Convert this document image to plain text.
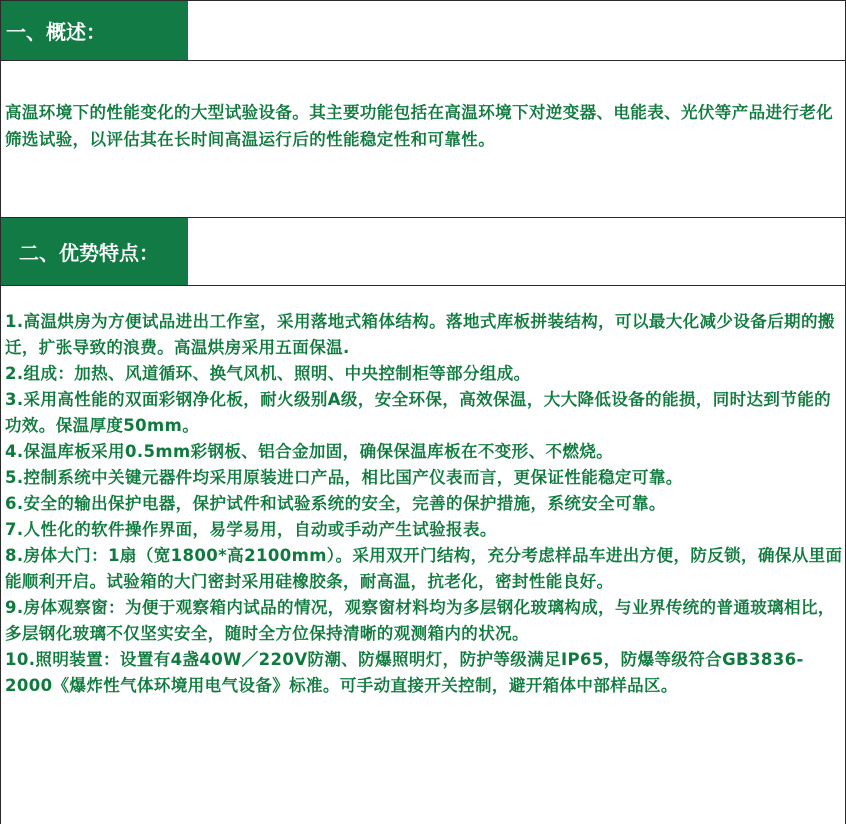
一、概述：

高温环境下的性能变化的大型试验设备。其主要功能包括在高温环境下对逆变器、电能表、光伏等产品进行老化筛选试验，以评估其在长时间高温运行后的性能稳定性和可靠性。

二、优势特点：
1.高温烘房为方便试品进出工作室，采用落地式箱体结构。落地式库板拼装结构，可以最大化减少设备后期的搬迁，扩张导致的浪费。高温烘房采用五面保温.
2.组成：加热、风道循环、换气风机、照明、中央控制柜等部分组成。
3.采用高性能的双面彩钢净化板，耐火级别A级，安全环保，高效保温，大大降低设备的能损，同时达到节能的功效。保温厚度50mm。
4.保温库板采用0.5mm彩钢板、铝合金加固，确保保温库板在不变形、不燃烧。
5.控制系统中关键元器件均采用原装进口产品，相比国产仪表而言，更保证性能稳定可靠。
6.安全的输出保护电器，保护试件和试验系统的安全，完善的保护措施，系统安全可靠。
7.人性化的软件操作界面，易学易用，自动或手动产生试验报表。
8.房体大门：1扇（宽1800*高2100mm）。采用双开门结构，充分考虑样品车进出方便，防反锁，确保从里面能顺利开启。试验箱的大门密封采用硅橡胶条，耐高温，抗老化，密封性能良好。
9.房体观察窗：为便于观察箱内试品的情况，观察窗材料均为多层钢化玻璃构成，与业界传统的普通玻璃相比，多层钢化玻璃不仅坚实安全，随时全方位保持清晰的观测箱内的状况。
10.照明装置：设置有4盏40W／220V防潮、防爆照明灯，防护等级满足IP65，防爆等级符合GB3836-2000《爆炸性气体环境用电气设备》标准。可手动直接开关控制，避开箱体中部样品区。
